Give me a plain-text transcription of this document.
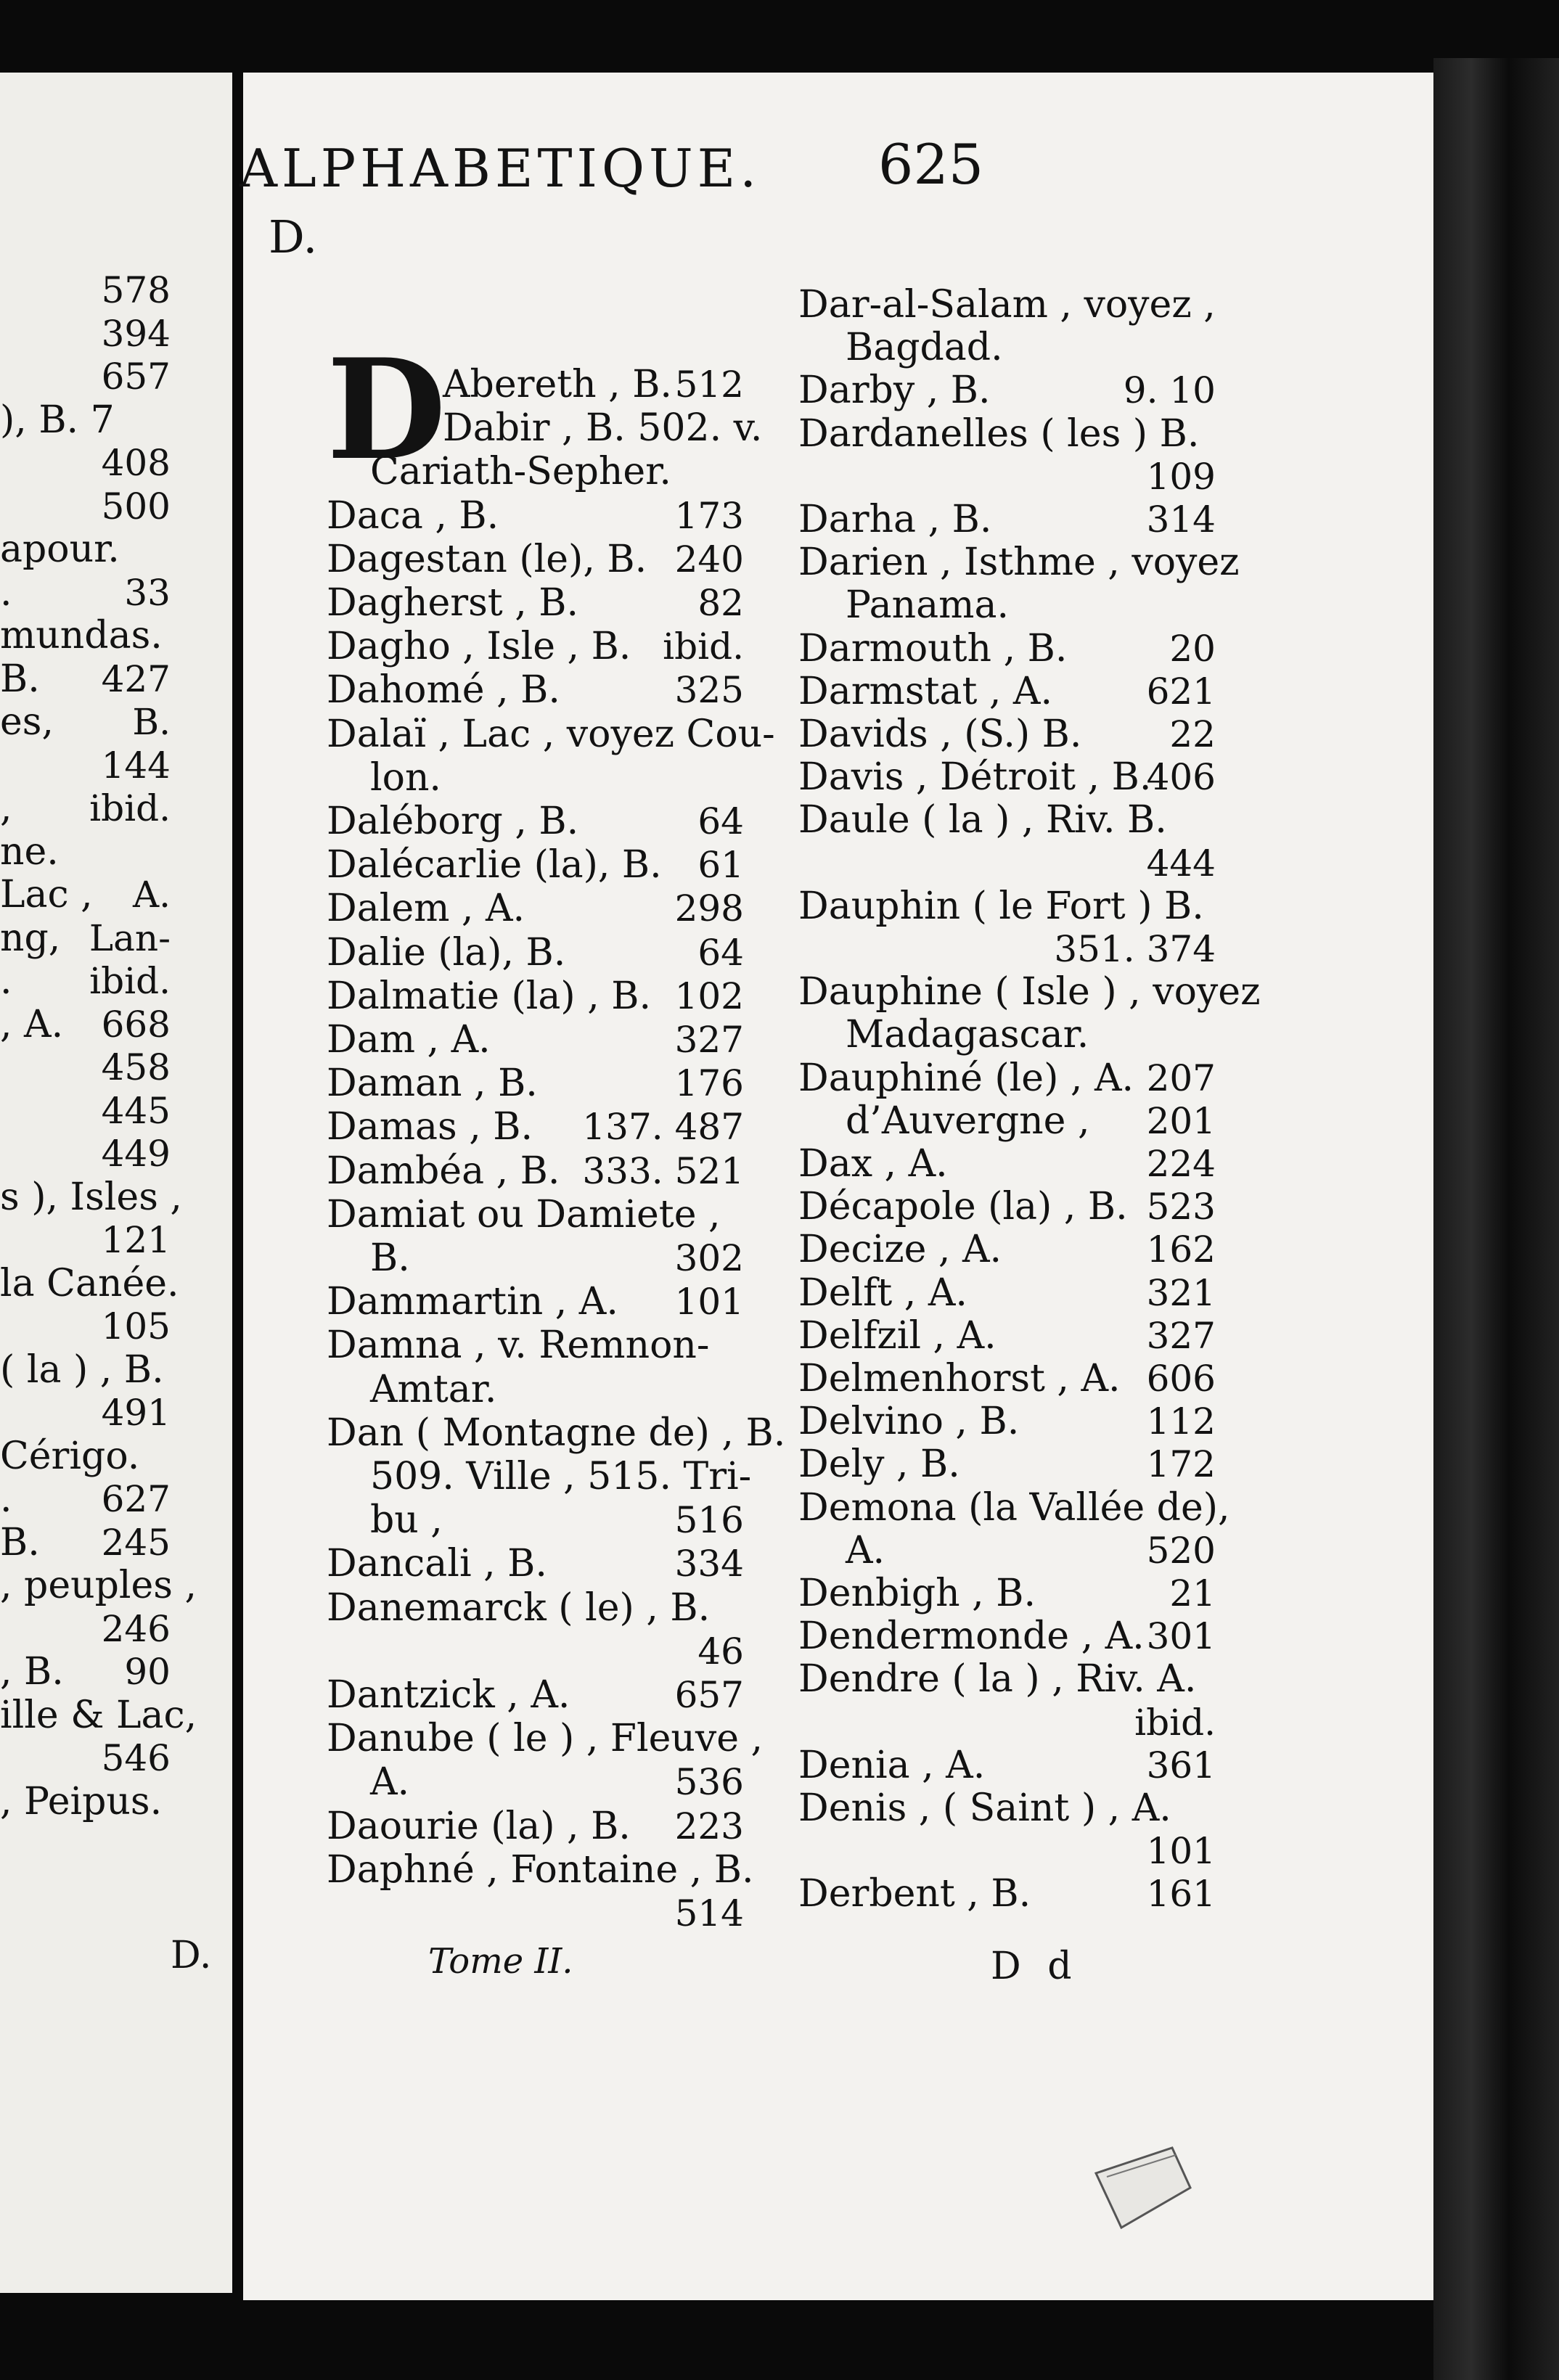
ALPHABETIQUE. 625
D.
D
578
394
657
), B. 7
408
500
apour.
.	33
mundas.
B. 427
es, B.
144
, ibid.
ne.
Lac , A.
ng, Lan-
. ibid.
, A. 668
458
445
449
s ), Isles ,
121
la Canée.
105
( la ) , B.
491
Cérigo.
. 627
B. 245
, peuples ,
246
, B. 90
ille & Lac,
546
, Peipus.
Abereth , B. 512
Dabir , B. 502. v.
Cariath-Sepher.
Daca , B.	173
Dagestan (le), B. 240
Dagherst , B.	82
Dagho , Isle , B. ibid.
Dahomé , B.	325
Dalaï , Lac , voyez Cou-
lon.
Daléborg , B.	64
Dalécarlie (la), B. 61
Dalem , A.	298
Dalie (la), B.	64
Dalmatie (la) , B. 102
Dam , A.	327
Daman , B.	176
Damas , B. 137. 487
Dambéa , B. 333. 521
Damiat ou Damiete ,
B.	302
Dammartin , A. 101
Damna , v. Remnon-
Amtar.
Dan ( Montagne de) , B.
509. Ville , 515. Tri-
bu ,	516
Dancali , B.	334
Danemarck ( le) , B.
46
Dantzick , A.	657
Danube ( le ) , Fleuve ,
A.	536
Daourie (la) , B. 223
Daphné , Fontaine , B.
514
Dar-al-Salam , voyez ,
Bagdad.
Darby , B.	9. 10
Dardanelles ( les ) B.
109
Darha , B.	314
Darien , Isthme , voyez
Panama.
Darmouth , B.	20
Darmstat , A.	621
Davids , (S.) B. 22
Davis , Détroit , B.
406
Daule ( la ) , Riv. B.
444
Dauphin ( le Fort ) B.
351. 374
Dauphine ( Isle ) , voyez
Madagascar.
Dauphiné (le) , A. 207
d’Auvergne , 201
Dax , A.	224
Décapole (la) , B. 523
Decize , A.	162
Delft , A.	321
Delfzil , A.	327
Delmenhorst , A. 606
Delvino , B.	112
Dely , B.	172
Demona (la Vallée de),
A.	520
Denbigh , B.	21
Dendermonde , A. 301
Dendre ( la ) , Riv. A.
ibid.
Denia , A.	361
Denis , ( Saint ) , A.
101
Derbent , B.	161
D.	Tome II.	D d
